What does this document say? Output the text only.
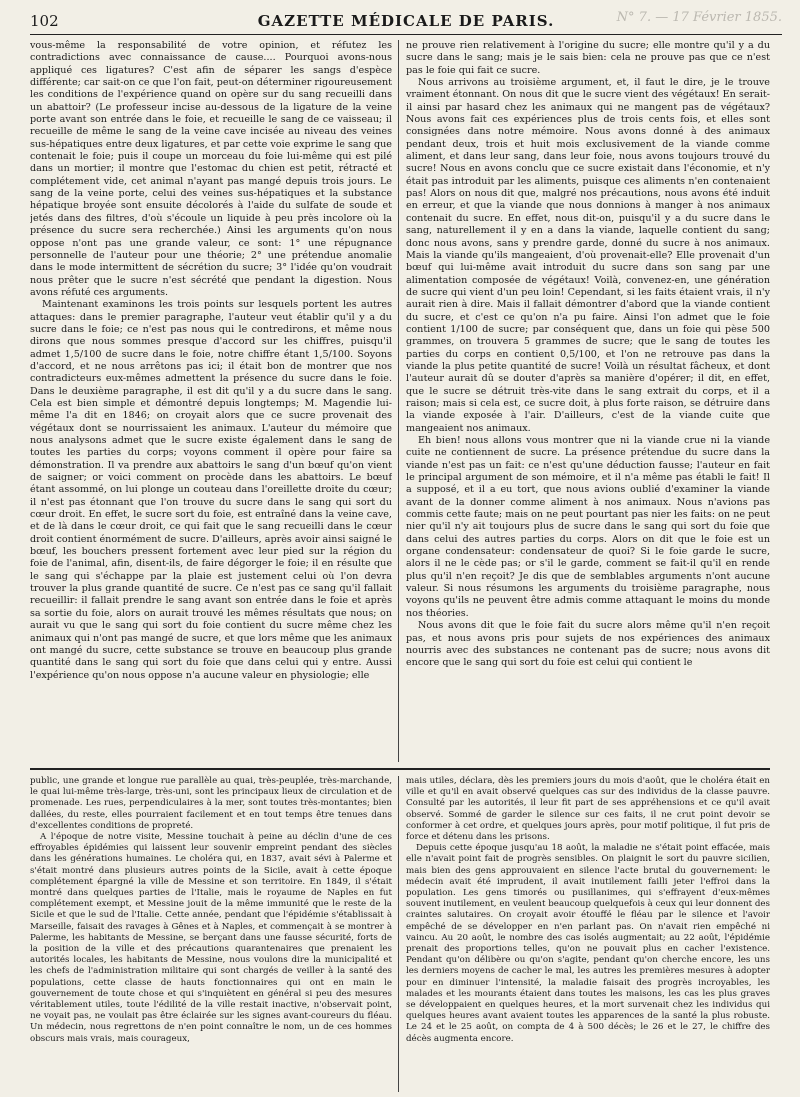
102	GAZETTE MÉDICALE DE PARIS.	N° 7. — 17 Février 1855.

vous-même la responsabilité de votre opinion, et réfutez les contradictions avec connaissance de cause.... Pourquoi avons-nous appliqué ces ligatures? C'est afin de séparer les sangs d'espèce différente; car sait-on ce que l'on fait, peut-on déterminer rigoureusement les conditions de l'expérience quand on opère sur du sang recueilli dans un abattoir? (Le professeur incise au-dessous de la ligature de la veine porte avant son entrée dans le foie, et recueille le sang de ce vaisseau; il recueille de même le sang de la veine cave incisée au niveau des veines sus-hépatiques entre deux ligatures, et par cette voie exprime le sang que contenait le foie; puis il coupe un morceau du foie lui-même qui est pilé dans un mortier; il montre que l'estomac du chien est petit, rétracté et complétement vide, cet animal n'ayant pas mangé depuis trois jours. Le sang de la veine porte, celui des veines sus-hépatiques et la substance hépatique broyée sont ensuite décolorés à l'aide du sulfate de soude et jetés dans des filtres, d'où s'écoule un liquide à peu près incolore où la présence du sucre sera recherchée.) Ainsi les arguments qu'on nous oppose n'ont pas une grande valeur, ce sont: 1° une répugnance personnelle de l'auteur pour une théorie; 2° une prétendue anomalie dans le mode intermittent de sécrétion du sucre; 3° l'idée qu'on voudrait nous prêter que le sucre n'est sécrété que pendant la digestion. Nous avons réfuté ces arguments.

Maintenant examinons les trois points sur lesquels portent les autres attaques: dans le premier paragraphe, l'auteur veut établir qu'il y a du sucre dans le foie; ce n'est pas nous qui le contredirons, et même nous dirons que nous sommes presque d'accord sur les chiffres, puisqu'il admet 1,5/100 de sucre dans le foie, notre chiffre étant 1,5/100. Soyons d'accord, et ne nous arrêtons pas ici; il était bon de montrer que nos contradicteurs eux-mêmes admettent la présence du sucre dans le foie. Dans le deuxième paragraphe, il est dit qu'il y a du sucre dans le sang. Cela est bien simple et démontré depuis longtemps; M. Magendie lui-même l'a dit en 1846; on croyait alors que ce sucre provenait des végétaux dont se nourrissaient les animaux. L'auteur du mémoire que nous analysons admet que le sucre existe également dans le sang de toutes les parties du corps; voyons comment il opère pour faire sa démonstration. Il va prendre aux abattoirs le sang d'un bœuf qu'on vient de saigner; or voici comment on procède dans les abattoirs. Le bœuf étant assommé, on lui plonge un couteau dans l'oreillette droite du cœur; il n'est pas étonnant que l'on trouve du sucre dans le sang qui sort du cœur droit. En effet, le sucre sort du foie, est entraîné dans la veine cave, et de là dans le cœur droit, ce qui fait que le sang recueilli dans le cœur droit contient énormément de sucre. D'ailleurs, après avoir ainsi saigné le bœuf, les bouchers pressent fortement avec leur pied sur la région du foie de l'animal, afin, disent-ils, de faire dégorger le foie; il en résulte que le sang qui s'échappe par la plaie est justement celui où l'on devra trouver la plus grande quantité de sucre. Ce n'est pas ce sang qu'il fallait recueillir: il fallait prendre le sang avant son entrée dans le foie et après sa sortie du foie, alors on aurait trouvé les mêmes résultats que nous; on aurait vu que le sang qui sort du foie contient du sucre même chez les animaux qui n'ont pas mangé de sucre, et que lors même que les animaux ont mangé du sucre, cette substance se trouve en beaucoup plus grande quantité dans le sang qui sort du foie que dans celui qui y entre. Aussi l'expérience qu'on nous oppose n'a aucune valeur en physiologie; elle

ne prouve rien relativement à l'origine du sucre; elle montre qu'il y a du sucre dans le sang; mais je le sais bien: cela ne prouve pas que ce n'est pas le foie qui fait ce sucre.

Nous arrivons au troisième argument, et, il faut le dire, je le trouve vraiment étonnant. On nous dit que le sucre vient des végétaux! En serait-il ainsi par hasard chez les animaux qui ne mangent pas de végétaux? Nous avons fait ces expériences plus de trois cents fois, et elles sont consignées dans notre mémoire. Nous avons donné à des animaux pendant deux, trois et huit mois exclusivement de la viande comme aliment, et dans leur sang, dans leur foie, nous avons toujours trouvé du sucre! Nous en avons conclu que ce sucre existait dans l'économie, et n'y était pas introduit par les aliments, puisque ces aliments n'en contenaient pas! Alors on nous dit que, malgré nos précautions, nous avons été induit en erreur, et que la viande que nous donnions à manger à nos animaux contenait du sucre. En effet, nous dit-on, puisqu'il y a du sucre dans le sang, naturellement il y en a dans la viande, laquelle contient du sang; donc nous avons, sans y prendre garde, donné du sucre à nos animaux. Mais la viande qu'ils mangeaient, d'où provenait-elle? Elle provenait d'un bœuf qui lui-même avait introduit du sucre dans son sang par une alimentation composée de végétaux! Voilà, convenez-en, une génération de sucre qui vient d'un peu loin! Cependant, si les faits étaient vrais, il n'y aurait rien à dire. Mais il fallait démontrer d'abord que la viande contient du sucre, et c'est ce qu'on n'a pu faire. Ainsi l'on admet que le foie contient 1/100 de sucre; par conséquent que, dans un foie qui pèse 500 grammes, on trouvera 5 grammes de sucre; que le sang de toutes les parties du corps en contient 0,5/100, et l'on ne retrouve pas dans la viande la plus petite quantité de sucre! Voilà un résultat fâcheux, et dont l'auteur aurait dû se douter d'après sa manière d'opérer; il dit, en effet, que le sucre se détruit très-vite dans le sang extrait du corps, et il a raison; mais si cela est, ce sucre doit, à plus forte raison, se détruire dans la viande exposée à l'air. D'ailleurs, c'est de la viande cuite que mangeaient nos animaux.

Eh bien! nous allons vous montrer que ni la viande crue ni la viande cuite ne contiennent de sucre. La présence prétendue du sucre dans la viande n'est pas un fait: ce n'est qu'une déduction fausse; l'auteur en fait le principal argument de son mémoire, et il n'a même pas établi le fait! Il a supposé, et il a eu tort, que nous avions oublié d'examiner la viande avant de la donner comme aliment à nos animaux. Nous n'avions pas commis cette faute; mais on ne peut pourtant pas nier les faits: on ne peut nier qu'il n'y ait toujours plus de sucre dans le sang qui sort du foie que dans celui des autres parties du corps. Alors on dit que le foie est un organe condensateur: condensateur de quoi? Si le foie garde le sucre, alors il ne le cède pas; or s'il le garde, comment se fait-il qu'il en rende plus qu'il n'en reçoit? Je dis que de semblables arguments n'ont aucune valeur. Si nous résumons les arguments du troisième paragraphe, nous voyons qu'ils ne peuvent être admis comme attaquant le moins du monde nos théories.

Nous avons dit que le foie fait du sucre alors même qu'il n'en reçoit pas, et nous avons pris pour sujets de nos expériences des animaux nourris avec des substances ne contenant pas de sucre; nous avons dit encore que le sang qui sort du foie est celui qui contient le

public, une grande et longue rue parallèle au quai, très-peuplée, très-marchande, le quai lui-même très-large, très-uni, sont les principaux lieux de circulation et de promenade. Les rues, perpendiculaires à la mer, sont toutes très-montantes; bien dallées, du reste, elles pourraient facilement et en tout temps être tenues dans d'excellentes conditions de propreté.

A l'époque de notre visite, Messine touchait à peine au déclin d'une de ces effroyables épidémies qui laissent leur souvenir empreint pendant des siècles dans les générations humaines. Le choléra qui, en 1837, avait sévi à Palerme et s'était montré dans plusieurs autres points de la Sicile, avait à cette époque complétement épargné la ville de Messine et son territoire. En 1849, il s'était montré dans quelques parties de l'Italie, mais le royaume de Naples en fut complétement exempt, et Messine jouit de la même immunité que le reste de la Sicile et que le sud de l'Italie. Cette année, pendant que l'épidémie s'établissait à Marseille, faisait des ravages à Gênes et à Naples, et commençait à se montrer à Palerme, les habitants de Messine, se berçant dans une fausse sécurité, forts de la position de la ville et des précautions quarantenaires que prenaient les autorités locales, les habitants de Messine, nous voulons dire la municipalité et les chefs de l'administration militaire qui sont chargés de veiller à la santé des populations, cette classe de hauts fonctionnaires qui ont en main le gouvernement de toute chose et qui s'inquiètent en général si peu des mesures véritablement utiles, toute l'édilité de la ville restait inactive, n'observait point, ne voyait pas, ne voulait pas être éclairée sur les signes avant-coureurs du fléau. Un médecin, nous regrettons de n'en point connaître le nom, un de ces hommes obscurs mais vrais, mais courageux,

mais utiles, déclara, dès les premiers jours du mois d'août, que le choléra était en ville et qu'il en avait observé quelques cas sur des individus de la classe pauvre. Consulté par les autorités, il leur fit part de ses appréhensions et ce qu'il avait observé. Sommé de garder le silence sur ces faits, il ne crut point devoir se conformer à cet ordre, et quelques jours après, pour motif politique, il fut pris de force et détenu dans les prisons.

Depuis cette époque jusqu'au 18 août, la maladie ne s'était point effacée, mais elle n'avait point fait de progrès sensibles. On plaignit le sort du pauvre sicilien, mais bien des gens approuvaient en silence l'acte brutal du gouvernement: le médecin avait été imprudent, il avait inutilement failli jeter l'effroi dans la population. Les gens timorés ou pusillanimes, qui s'effrayent d'eux-mêmes souvent inutilement, en veulent beaucoup quelquefois à ceux qui leur donnent des craintes salutaires. On croyait avoir étouffé le fléau par le silence et l'avoir empêché de se développer en n'en parlant pas. On n'avait rien empêché ni vaincu. Au 20 août, le nombre des cas isolés augmentait; au 22 août, l'épidémie prenait des proportions telles, qu'on ne pouvait plus en cacher l'existence. Pendant qu'on délibère ou qu'on s'agite, pendant qu'on cherche encore, les uns les derniers moyens de cacher le mal, les autres les premières mesures à adopter pour en diminuer l'intensité, la maladie faisait des progrès incroyables, les malades et les mourants étaient dans toutes les maisons, les cas les plus graves se développaient en quelques heures, et la mort survenait chez les individus qui quelques heures avant avaient toutes les apparences de la santé la plus robuste. Le 24 et le 25 août, on compta de 4 à 500 décès; le 26 et le 27, le chiffre des décès augmenta encore.
